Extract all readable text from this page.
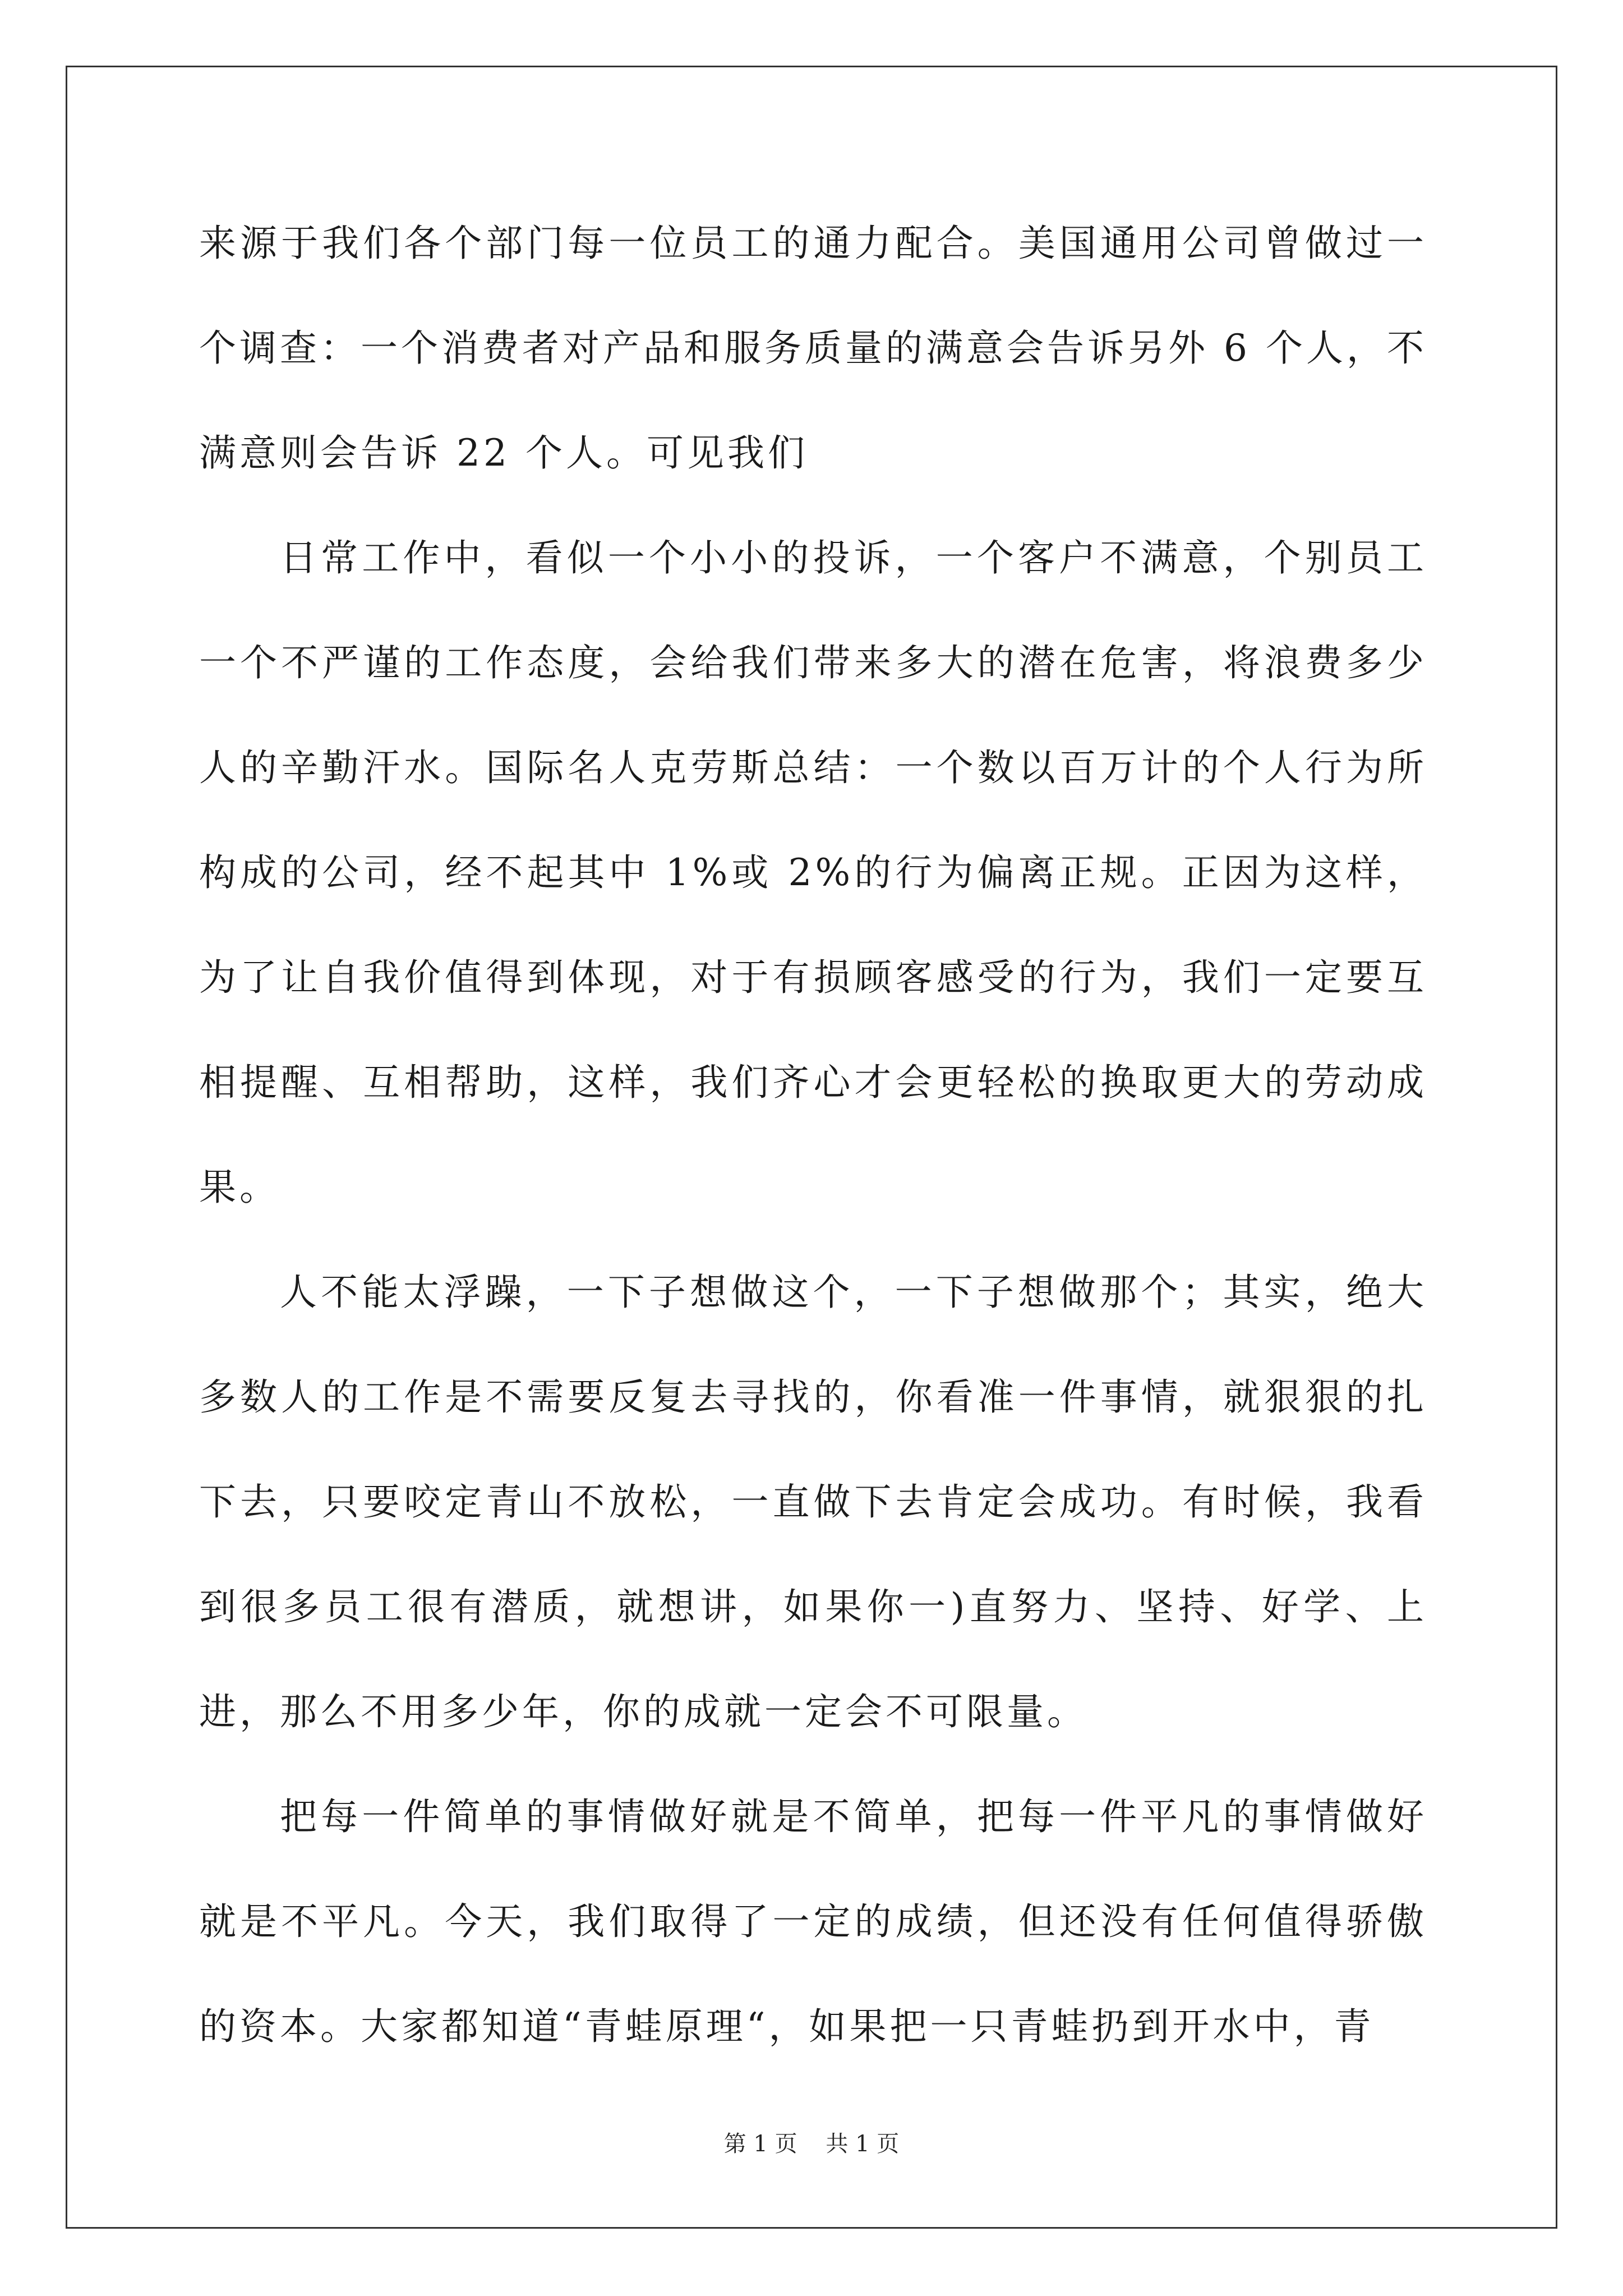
来源于我们各个部门每一位员工的通力配合。美国通用公司曾做过一个调查：一个消费者对产品和服务质量的满意会告诉另外 6 个人，不满意则会告诉 22 个人。可见我们

日常工作中，看似一个小小的投诉，一个客户不满意，个别员工一个不严谨的工作态度，会给我们带来多大的潜在危害，将浪费多少人的辛勤汗水。国际名人克劳斯总结：一个数以百万计的个人行为所构成的公司，经不起其中 1%或 2%的行为偏离正规。正因为这样，为了让自我价值得到体现，对于有损顾客感受的行为，我们一定要互相提醒、互相帮助，这样，我们齐心才会更轻松的换取更大的劳动成果。

人不能太浮躁，一下子想做这个，一下子想做那个；其实，绝大多数人的工作是不需要反复去寻找的，你看准一件事情，就狠狠的扎下去，只要咬定青山不放松，一直做下去肯定会成功。有时候，我看到很多员工很有潜质，就想讲，如果你一)直努力、坚持、好学、上进，那么不用多少年，你的成就一定会不可限量。

把每一件简单的事情做好就是不简单，把每一件平凡的事情做好就是不平凡。今天，我们取得了一定的成绩，但还没有任何值得骄傲的资本。大家都知道“青蛙原理“，如果把一只青蛙扔到开水中，青

第 1 页    共 1 页
